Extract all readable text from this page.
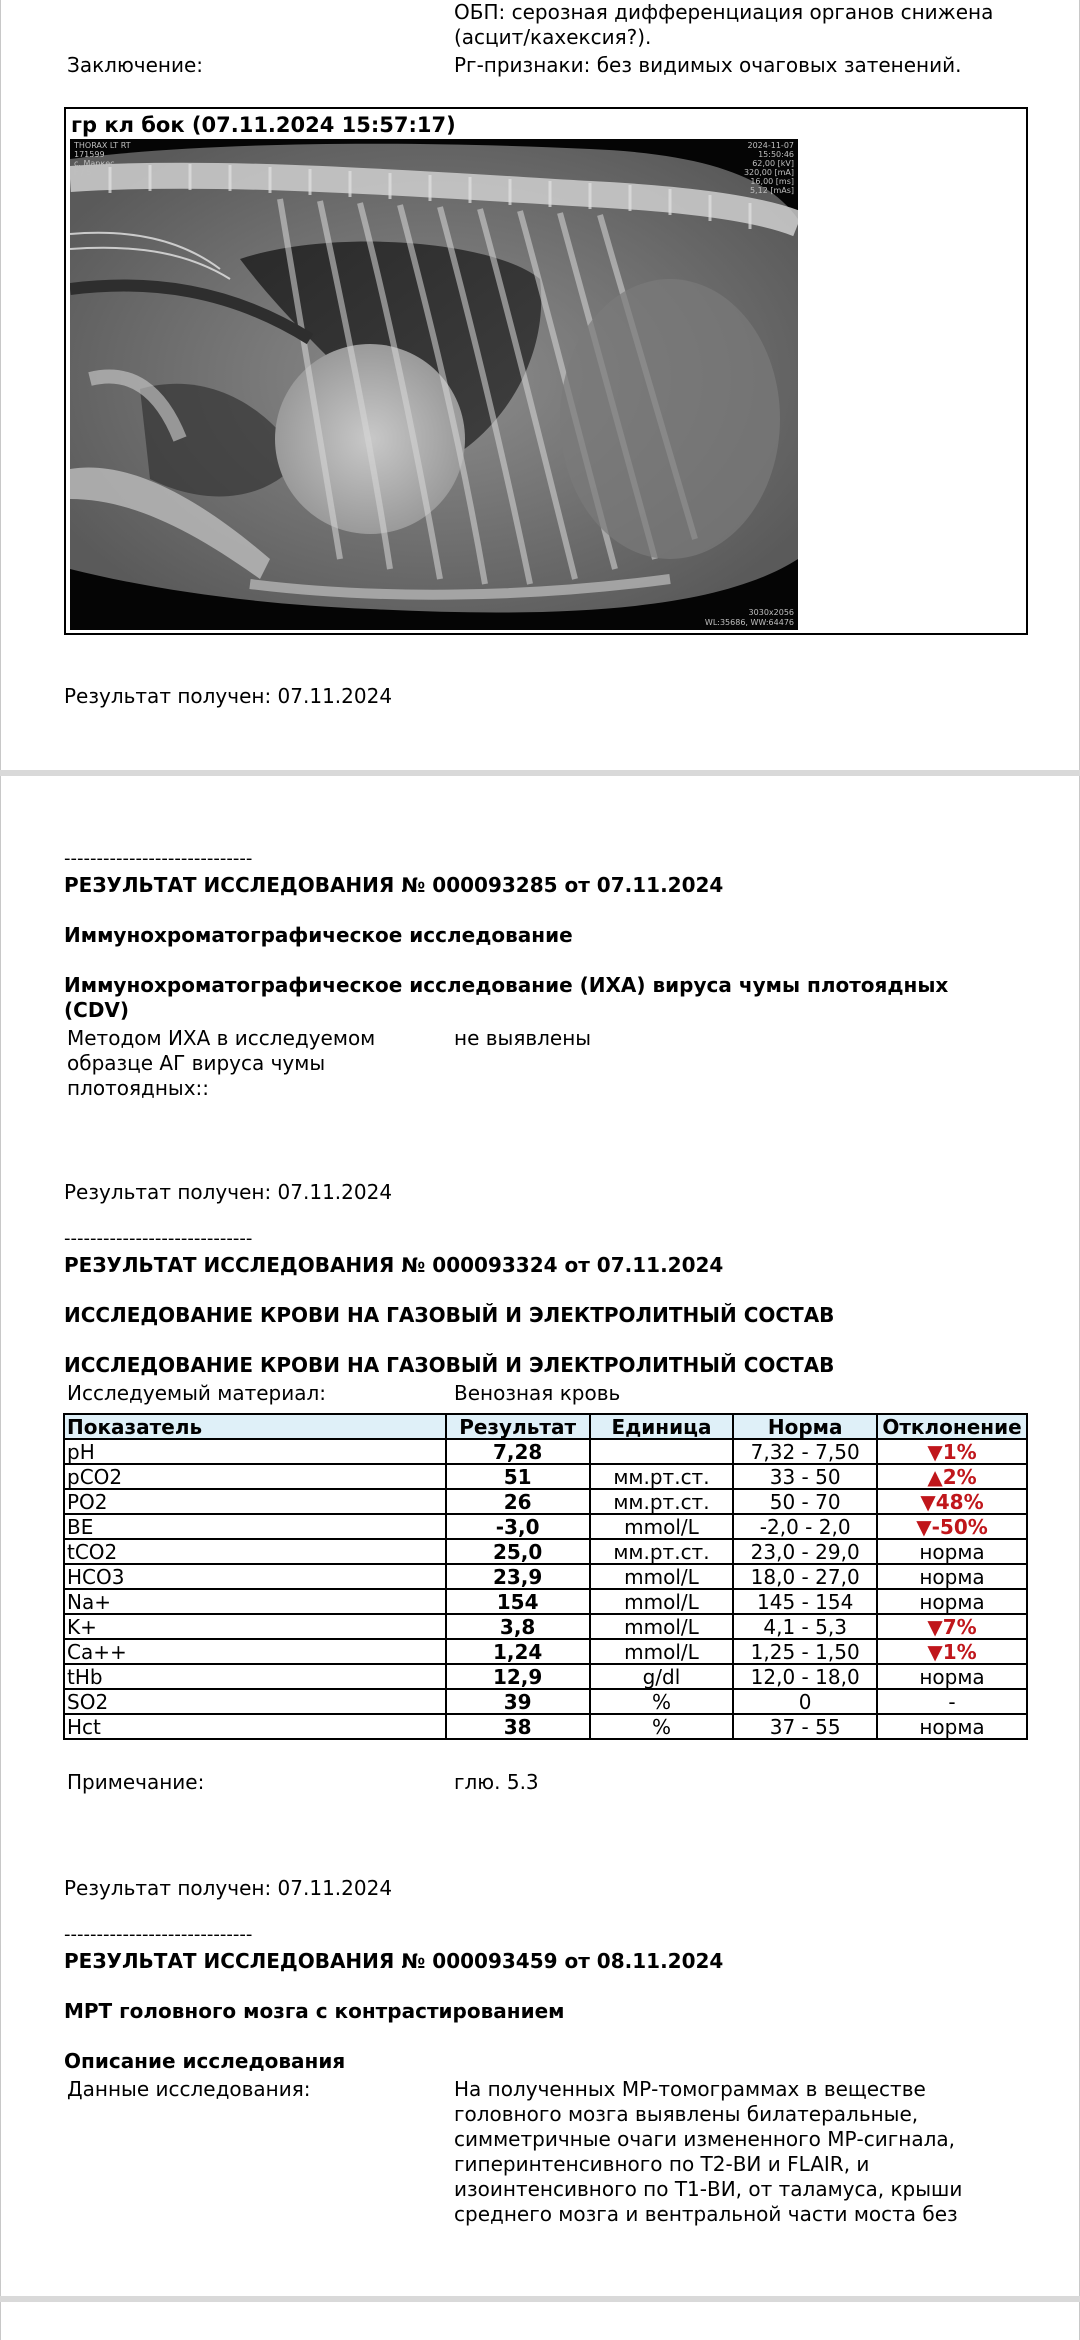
ОБП: серозная дифференциация органов снижена (асцит/кахексия?).
Заключение:	Рг-признаки: без видимых очаговых затенений.
гр кл бок (07.11.2024 15:57:17)
THORAX LT RT
171599
с. Маркес
F / 5
2024-11-07
15:50:46
62,00 [kV]
320,00 [mA]
16,00 [ms]
5,12 [mAs]
3030x2056
WL:35686, WW:64476
Результат получен: 07.11.2024
-----------------------------
РЕЗУЛЬТАТ ИССЛЕДОВАНИЯ № 000093285 от 07.11.2024
Иммунохроматографическое исследование
Иммунохроматографическое исследование (ИХА) вируса чумы плотоядных (CDV)
Методом ИХА в исследуемом образце АГ вируса чумы плотоядных::
не выявлены
Результат получен: 07.11.2024
-----------------------------
РЕЗУЛЬТАТ ИССЛЕДОВАНИЯ № 000093324 от 07.11.2024
ИССЛЕДОВАНИЕ КРОВИ НА ГАЗОВЫЙ И ЭЛЕКТРОЛИТНЫЙ СОСТАВ
ИССЛЕДОВАНИЕ КРОВИ НА ГАЗОВЫЙ И ЭЛЕКТРОЛИТНЫЙ СОСТАВ
Исследуемый материал:	Венозная кровь
Примечание:	глю. 5.3
Результат получен: 07.11.2024
-----------------------------
РЕЗУЛЬТАТ ИССЛЕДОВАНИЯ № 000093459 от 08.11.2024
МРТ головного мозга с контрастированием
Описание исследования
Данные исследования:	На полученных МР-томограммах в веществе головного мозга выявлены билатеральные, симметричные очаги измененного МР-сигнала, гиперинтенсивного по Т2-ВИ и FLAIR, и изоинтенсивного по Т1-ВИ, от таламуса, крыши среднего мозга и вентральной части моста без
Показатель	Результат	Единица	Норма	Отклонение
pH	7,28		7,32 - 7,50	▼1%
pCO2	51	мм.рт.ст.	33 - 50	▲2%
PO2	26	мм.рт.ст.	50 - 70	▼48%
BE	-3,0	mmol/L	-2,0 - 2,0	▼-50%
tCO2	25,0	мм.рт.ст.	23,0 - 29,0	норма
HCO3	23,9	mmol/L	18,0 - 27,0	норма
Na+	154	mmol/L	145 - 154	норма
K+	3,8	mmol/L	4,1 - 5,3	▼7%
Ca++	1,24	mmol/L	1,25 - 1,50	▼1%
tHb	12,9	g/dl	12,0 - 18,0	норма
SO2	39	%	0	-
Hct	38	%	37 - 55	норма
